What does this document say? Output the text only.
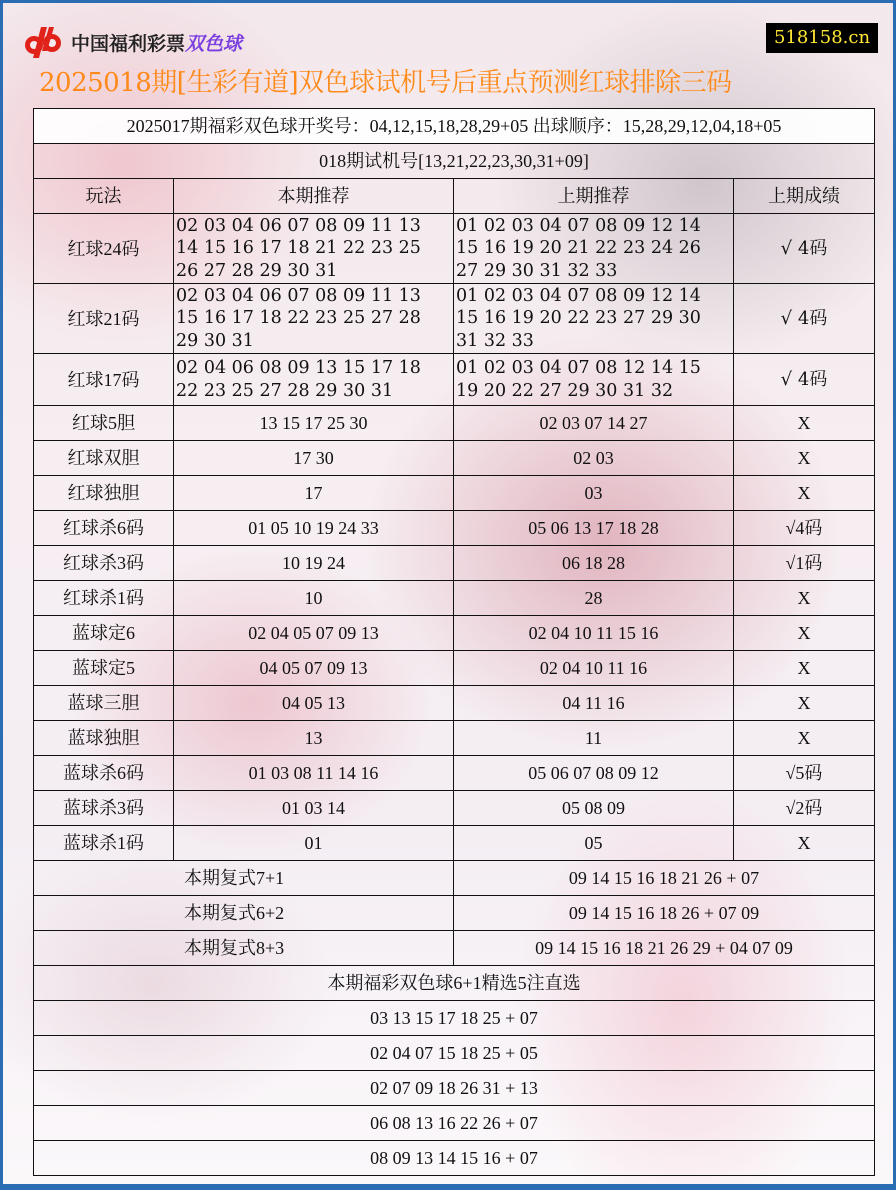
中国福利彩票双色球	518158.cn
2025018期[生彩有道]双色球试机号后重点预测红球排除三码
2025017期福彩双色球开奖号：04,12,15,18,28,29+05 出球顺序：15,28,29,12,04,18+05			
018期试机号[13,21,22,23,30,31+09]			
玩法	本期推荐	上期推荐	上期成绩
红球24码	02 03 04 06 07 08 09 11 13
14 15 16 17 18 21 22 23 25
26 27 28 29 30 31	01 02 03 04 07 08 09 12 14
15 16 19 20 21 22 23 24 26
27 29 30 31 32 33	√ 4码
红球21码	02 03 04 06 07 08 09 11 13
15 16 17 18 22 23 25 27 28
29 30 31	01 02 03 04 07 08 09 12 14
15 16 19 20 22 23 27 29 30
31 32 33	√ 4码
红球17码	02 04 06 08 09 13 15 17 18
22 23 25 27 28 29 30 31	01 02 03 04 07 08 12 14 15
19 20 22 27 29 30 31 32	√ 4码
红球5胆	13 15 17 25 30	02 03 07 14 27	X
红球双胆	17 30	02 03	X
红球独胆	17	03	X
红球杀6码	01 05 10 19 24 33	05 06 13 17 18 28	√4码
红球杀3码	10 19 24	06 18 28	√1码
红球杀1码	10	28	X
蓝球定6	02 04 05 07 09 13	02 04 10 11 15 16	X
蓝球定5	04 05 07 09 13	02 04 10 11 16	X
蓝球三胆	04 05 13	04 11 16	X
蓝球独胆	13	11	X
蓝球杀6码	01 03 08 11 14 16	05 06 07 08 09 12	√5码
蓝球杀3码	01 03 14	05 08 09	√2码
蓝球杀1码	01	05	X
本期复式7+1		09 14 15 16 18 21 26 + 07	
本期复式6+2		09 14 15 16 18 26 + 07 09	
本期复式8+3		09 14 15 16 18 21 26 29 + 04 07 09	
本期福彩双色球6+1精选5注直选			
03 13 15 17 18 25 + 07			
02 04 07 15 18 25 + 05			
02 07 09 18 26 31 + 13			
06 08 13 16 22 26 + 07			
08 09 13 14 15 16 + 07			
